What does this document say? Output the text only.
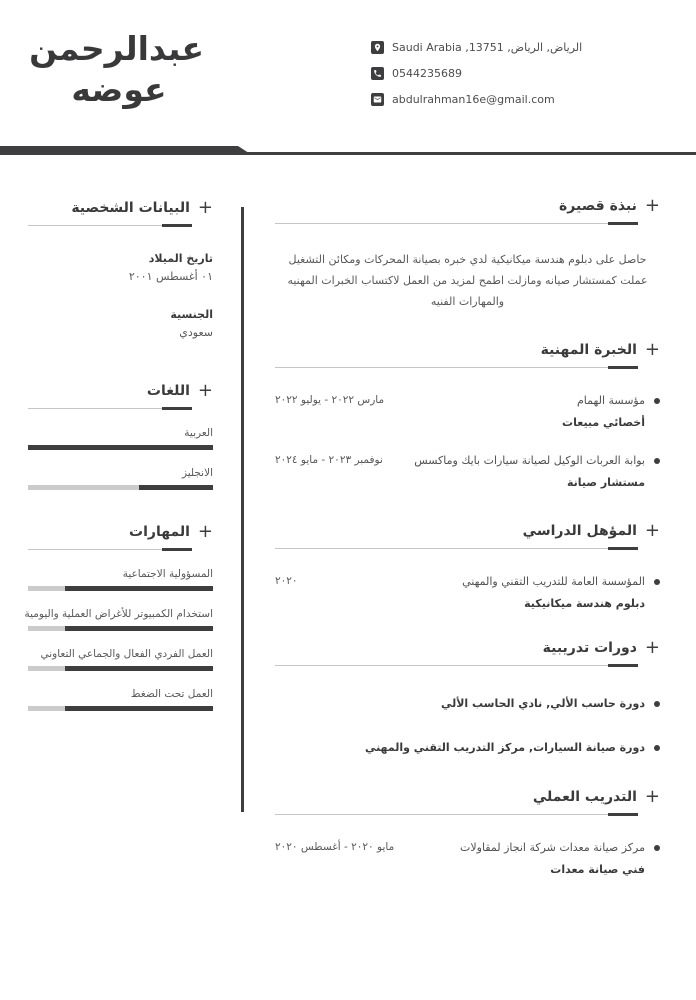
عبدالرحمن
عوضه
الرياض, الرياض, 13751, Saudi Arabia
0544235689
abdulrahman16e@gmail.com
+
البيانات الشخصية
تاريخ الميلاد
٠١ أغسطس ٢٠٠١
الجنسية
سعودي
+
اللغات
العربية
الانجليز
+
المهارات
المسؤولية الاجتماعية
استخدام الكمبيوتر للأغراض العملية واليومية
العمل الفردي الفعال والجماعي التعاوني
العمل تحت الضغط
+
نبذة قصيرة
حاصل على دبلوم هندسة ميكانيكية لدي خبره بصيانة المحركات ومكائن التشغيل عملت كمستشار صيانه ومازلت اطمح لمزيد من العمل لاكتساب الخبرات المهنيه والمهارات الفنيه
+
الخبرة المهنية
مؤسسة الهمام
أخصائي مبيعات
مارس ٢٠٢٢ - يوليو ٢٠٢٢
بوابة العربات الوكيل لصيانة سيارات بايك وماكسس
مستشار صيانة
نوفمبر ٢٠٢٣ - مايو ٢٠٢٤
+
المؤهل الدراسي
المؤسسة العامة للتدريب التقني والمهني
دبلوم هندسة ميكانيكية
٢٠٢٠
+
دورات تدريبية
دورة حاسب الألي, نادي الحاسب الألي
دورة صيانة السيارات, مركز التدريب التقني والمهني
+
التدريب العملي
مركز صيانة معدات شركة انجاز لمقاولات
فني صيانة معدات
مايو ٢٠٢٠ - أغسطس ٢٠٢٠
